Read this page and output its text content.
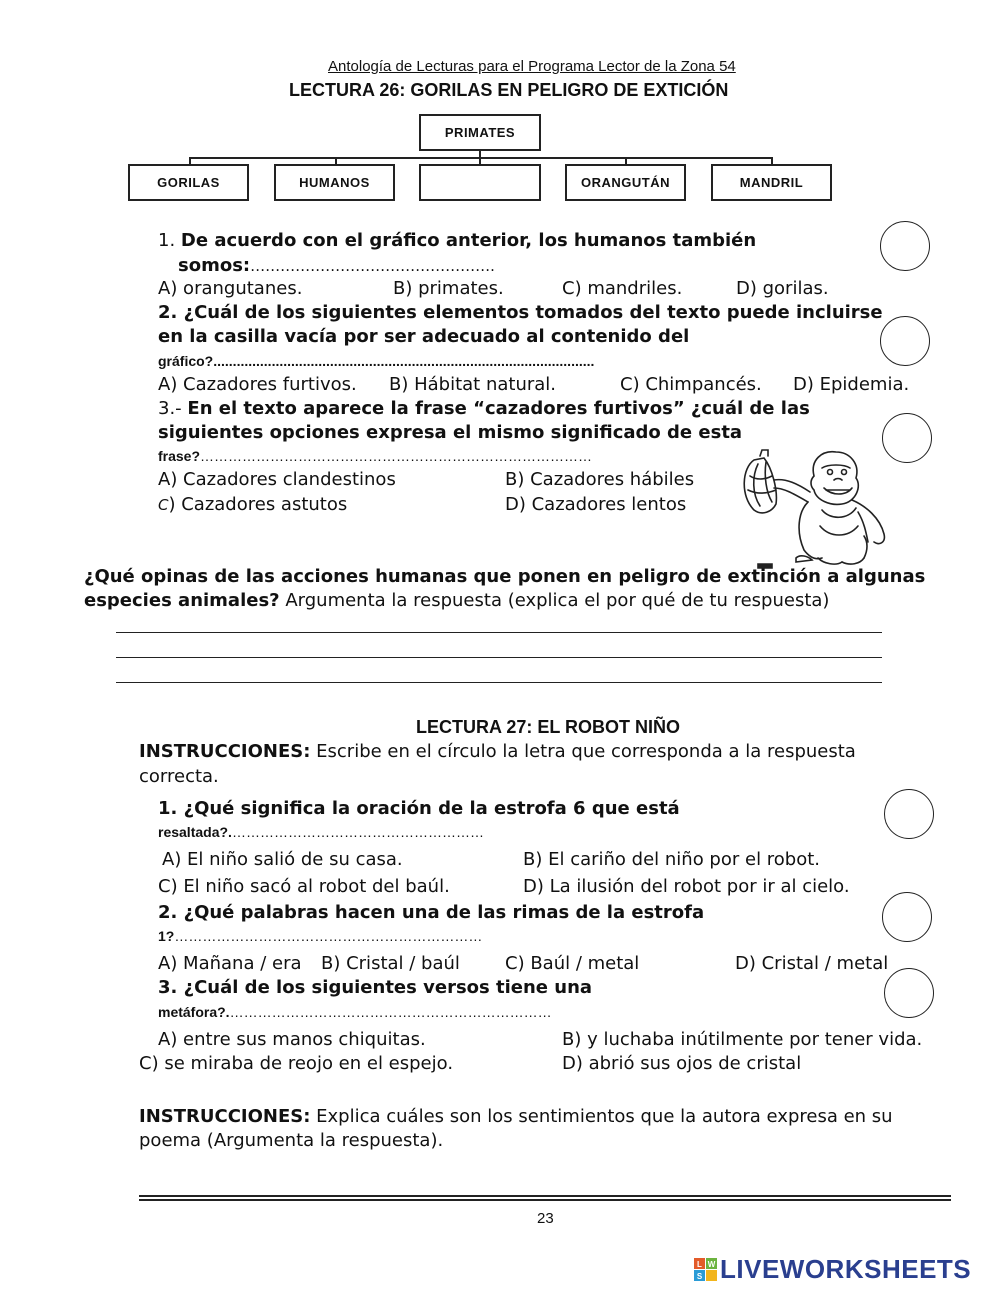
Antología de Lecturas para el Programa Lector de la Zona 54
LECTURA 26: GORILAS EN PELIGRO DE EXTICIÓN
PRIMATES
GORILAS	HUMANOS	ORANGUTÁN	MANDRIL
1. De acuerdo con el gráfico anterior, los humanos también
somos:………………………………………….
A) orangutanes.	B) primates.	C) mandriles.	D) gorilas.
2. ¿Cuál de los siguientes elementos tomados del texto puede incluirse
en la casilla vacía por ser adecuado al contenido del
gráfico?..................................................................................................
A) Cazadores furtivos. B) Hábitat natural.	C) Chimpancés. D) Epidemia.
3.- En el texto aparece la frase “cazadores furtivos” ¿cuál de las
siguientes opciones expresa el mismo significado de esta
frase?…………………………………………………………………………
A) Cazadores clandestinos	B) Cazadores hábiles
C) Cazadores astutos	D) Cazadores lentos
¿Qué opinas de las acciones humanas que ponen en peligro de extinción a algunas
especies animales? Argumenta la respuesta (explica el por qué de tu respuesta)
LECTURA 27: EL ROBOT NIÑO
INSTRUCCIONES: Escribe en el círculo la letra que corresponda a la respuesta
correcta.
1. ¿Qué significa la oración de la estrofa 6 que está
resaltada?.………………………………………………
A) El niño salió de su casa.	B) El cariño del niño por el robot.
C) El niño sacó al robot del baúl.	D) La ilusión del robot por ir al cielo.
2. ¿Qué palabras hacen una de las rimas de la estrofa
1?…………………………………………………………
A) Mañana / era B) Cristal / baúl	C) Baúl / metal	D) Cristal / metal
3. ¿Cuál de los siguientes versos tiene una
metáfora?.……………………………………………………………
A) entre sus manos chiquitas.	B) y luchaba inútilmente por tener vida.
C) se miraba de reojo en el espejo.	D) abrió sus ojos de cristal
INSTRUCCIONES: Explica cuáles son los sentimientos que la autora expresa en su
poema (Argumenta la respuesta).
23
L W
S LIVEWORKSHEETS
